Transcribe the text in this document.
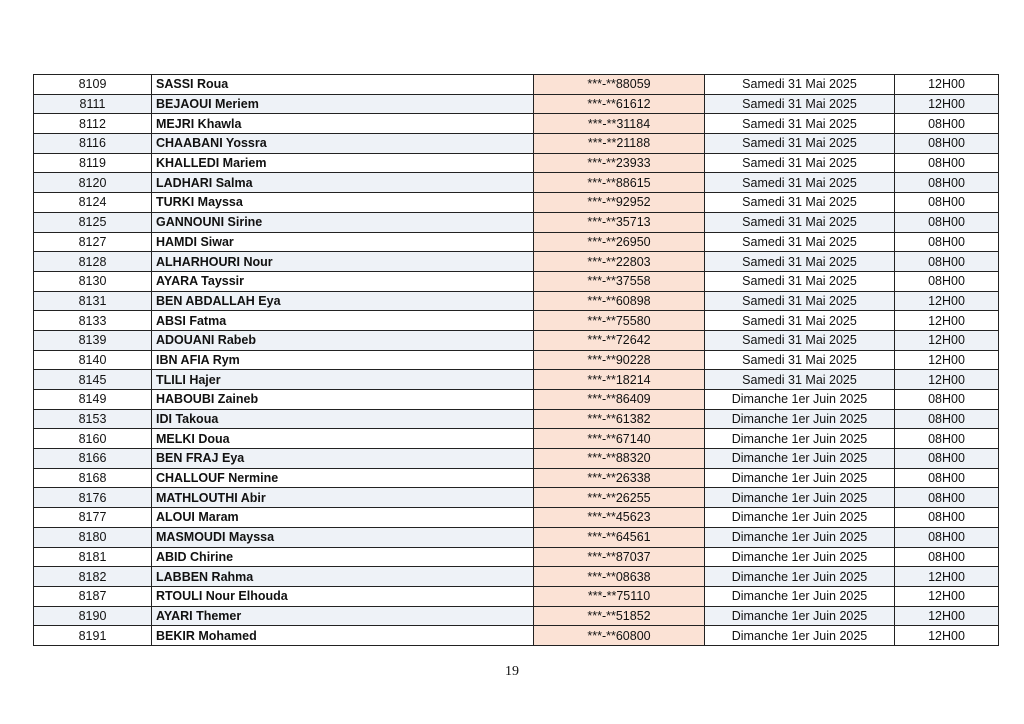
8109	SASSI Roua	***-**88059	Samedi 31 Mai 2025	12H00
8111	BEJAOUI Meriem	***-**61612	Samedi 31 Mai 2025	12H00
8112	MEJRI Khawla	***-**31184	Samedi 31 Mai 2025	08H00
8116	CHAABANI Yossra	***-**21188	Samedi 31 Mai 2025	08H00
8119	KHALLEDI Mariem	***-**23933	Samedi 31 Mai 2025	08H00
8120	LADHARI Salma	***-**88615	Samedi 31 Mai 2025	08H00
8124	TURKI Mayssa	***-**92952	Samedi 31 Mai 2025	08H00
8125	GANNOUNI Sirine	***-**35713	Samedi 31 Mai 2025	08H00
8127	HAMDI Siwar	***-**26950	Samedi 31 Mai 2025	08H00
8128	ALHARHOURI Nour	***-**22803	Samedi 31 Mai 2025	08H00
8130	AYARA Tayssir	***-**37558	Samedi 31 Mai 2025	08H00
8131	BEN ABDALLAH Eya	***-**60898	Samedi 31 Mai 2025	12H00
8133	ABSI Fatma	***-**75580	Samedi 31 Mai 2025	12H00
8139	ADOUANI Rabeb	***-**72642	Samedi 31 Mai 2025	12H00
8140	IBN AFIA Rym	***-**90228	Samedi 31 Mai 2025	12H00
8145	TLILI Hajer	***-**18214	Samedi 31 Mai 2025	12H00
8149	HABOUBI Zaineb	***-**86409	Dimanche 1er Juin 2025	08H00
8153	IDI Takoua	***-**61382	Dimanche 1er Juin 2025	08H00
8160	MELKI Doua	***-**67140	Dimanche 1er Juin 2025	08H00
8166	BEN FRAJ Eya	***-**88320	Dimanche 1er Juin 2025	08H00
8168	CHALLOUF Nermine	***-**26338	Dimanche 1er Juin 2025	08H00
8176	MATHLOUTHI Abir	***-**26255	Dimanche 1er Juin 2025	08H00
8177	ALOUI Maram	***-**45623	Dimanche 1er Juin 2025	08H00
8180	MASMOUDI Mayssa	***-**64561	Dimanche 1er Juin 2025	08H00
8181	ABID Chirine	***-**87037	Dimanche 1er Juin 2025	08H00
8182	LABBEN Rahma	***-**08638	Dimanche 1er Juin 2025	12H00
8187	RTOULI Nour Elhouda	***-**75110	Dimanche 1er Juin 2025	12H00
8190	AYARI Themer	***-**51852	Dimanche 1er Juin 2025	12H00
8191	BEKIR Mohamed	***-**60800	Dimanche 1er Juin 2025	12H00
19
